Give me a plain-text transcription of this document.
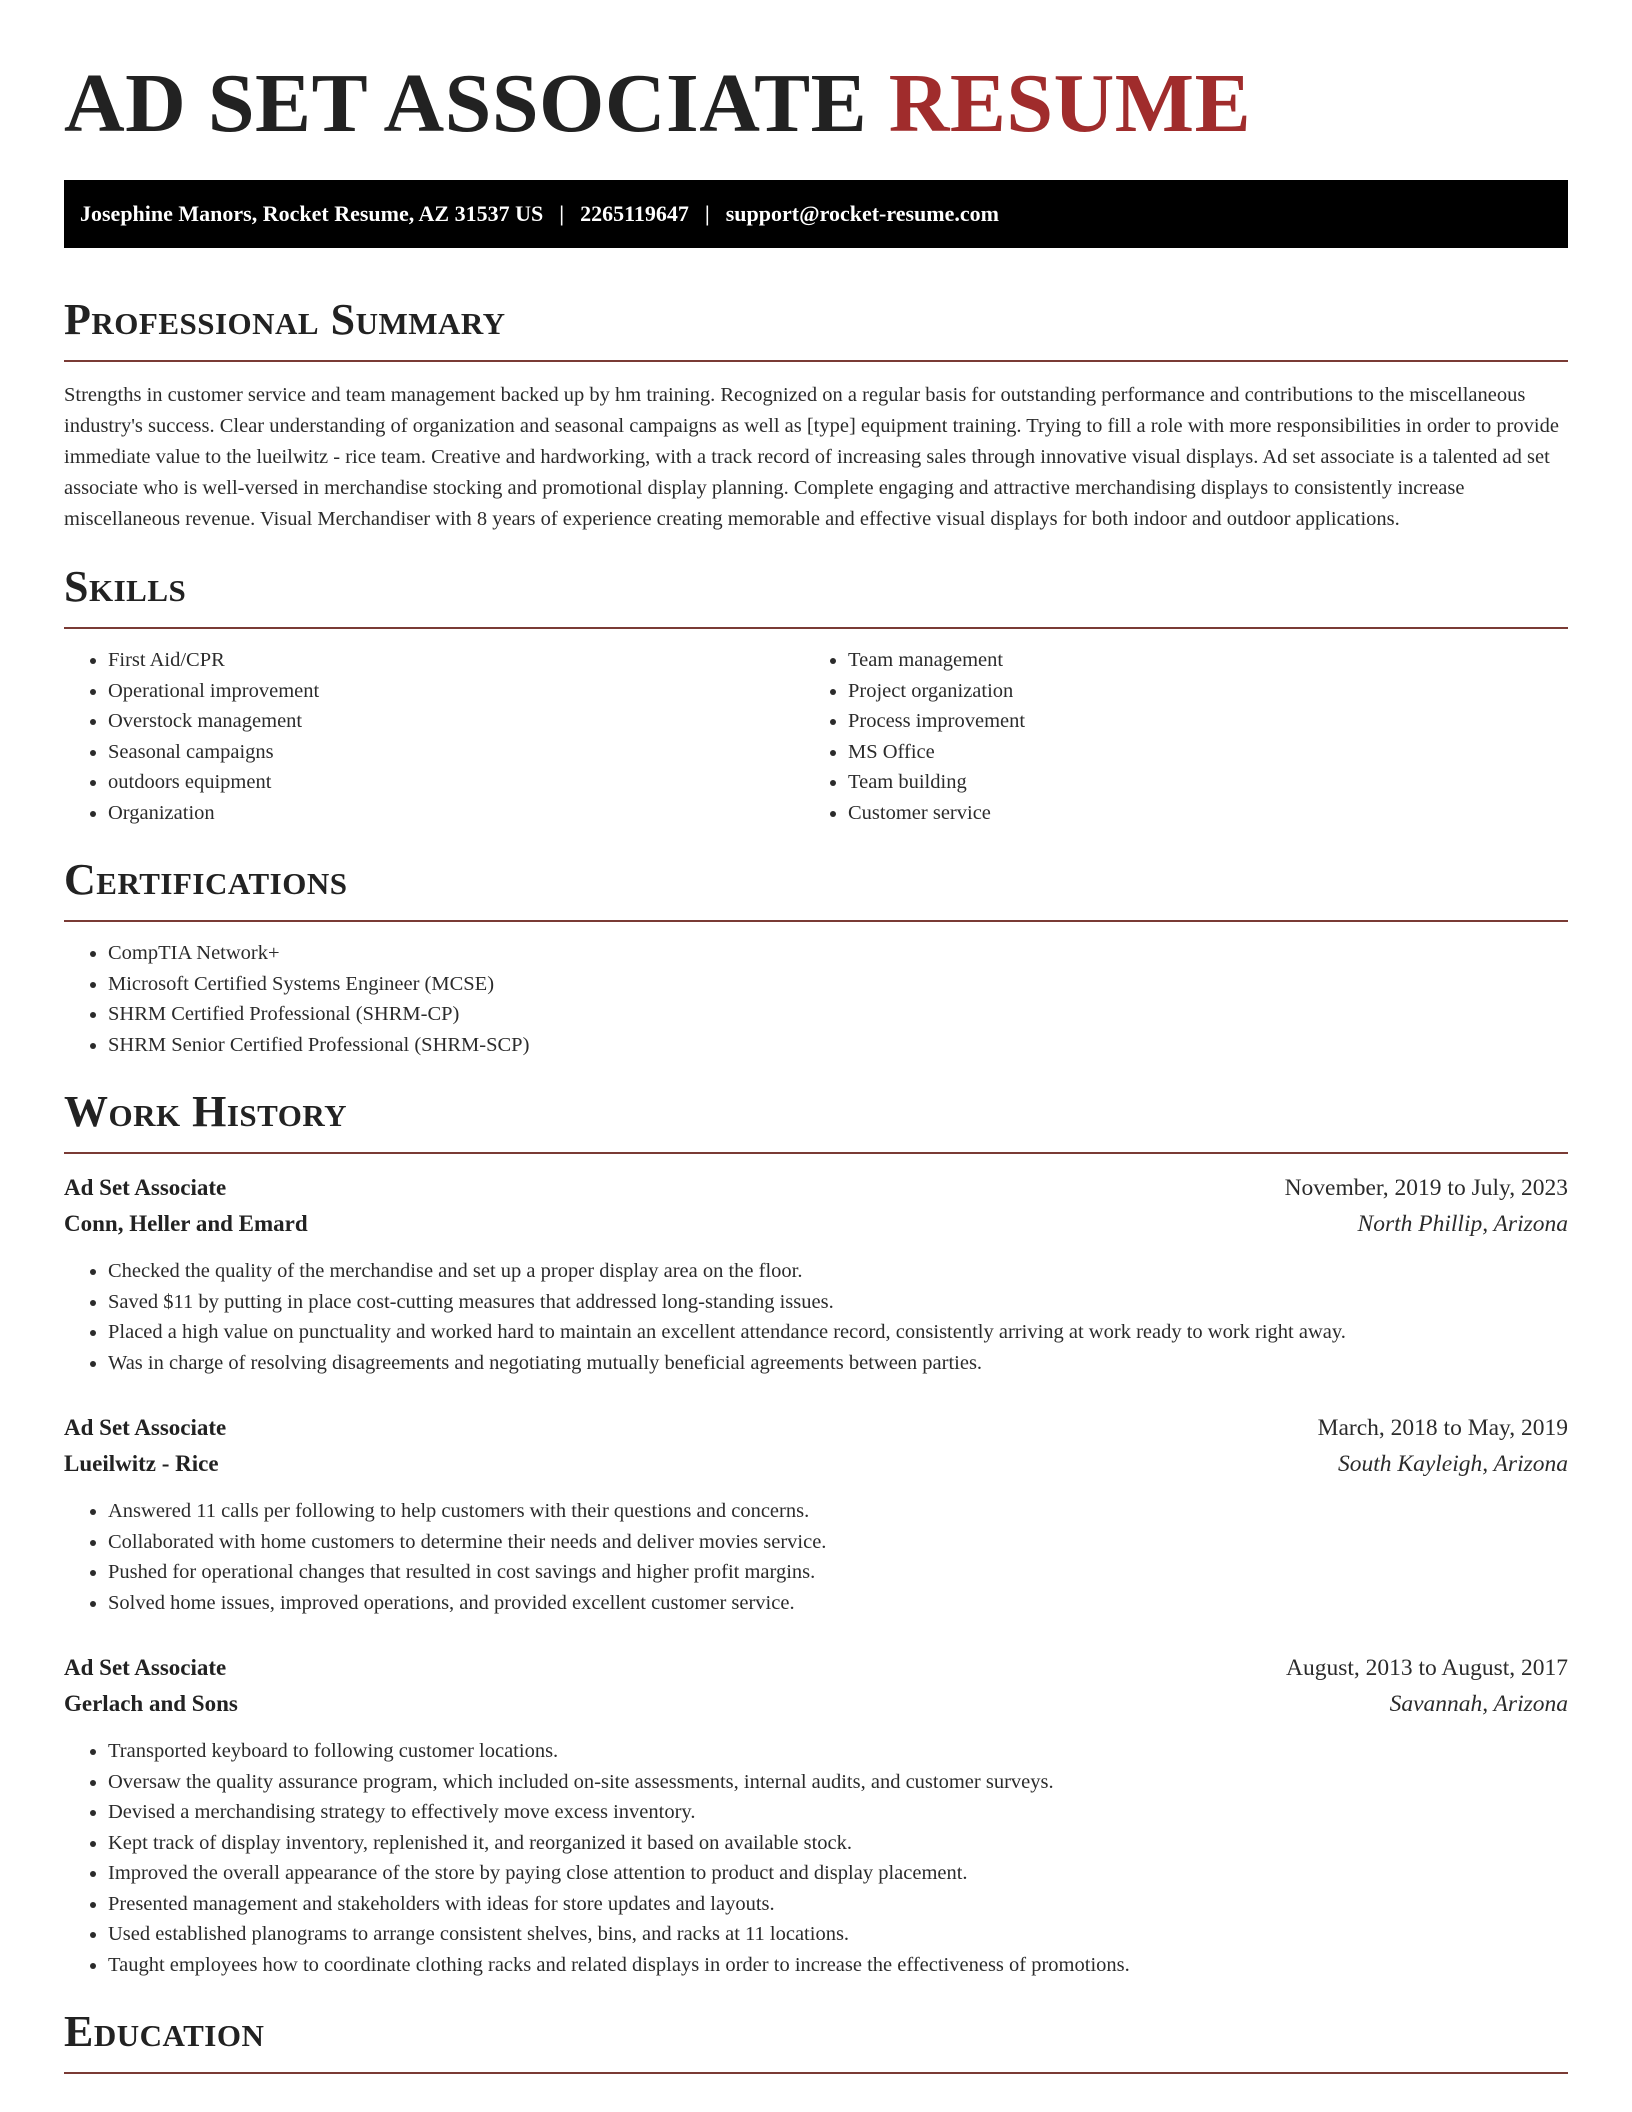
AD SET ASSOCIATE RESUME
Josephine Manors, Rocket Resume, AZ 31537 US | 2265119647 | support@rocket-resume.com
Professional Summary

Strengths in customer service and team management backed up by hm training. Recognized on a regular basis for outstanding performance and contributions to the miscellaneous industry's success. Clear understanding of organization and seasonal campaigns as well as [type] equipment training. Trying to fill a role with more responsibilities in order to provide immediate value to the lueilwitz - rice team. Creative and hardworking, with a track record of increasing sales through innovative visual displays. Ad set associate is a talented ad set associate who is well-versed in merchandise stocking and promotional display planning. Complete engaging and attractive merchandising displays to consistently increase miscellaneous revenue. Visual Merchandiser with 8 years of experience creating memorable and effective visual displays for both indoor and outdoor applications.

Skills
• First Aid/CPR
• Operational improvement
• Overstock management
• Seasonal campaigns
• outdoors equipment
• Organization
• Team management
• Project organization
• Process improvement
• MS Office
• Team building
• Customer service
Certifications
• CompTIA Network+
• Microsoft Certified Systems Engineer (MCSE)
• SHRM Certified Professional (SHRM-CP)
• SHRM Senior Certified Professional (SHRM-SCP)
Work History
Ad Set Associate	November, 2019 to July, 2023
Conn, Heller and Emard	North Phillip, Arizona
• Checked the quality of the merchandise and set up a proper display area on the floor.
• Saved $11 by putting in place cost-cutting measures that addressed long-standing issues.
• Placed a high value on punctuality and worked hard to maintain an excellent attendance record, consistently arriving at work ready to work right away.
• Was in charge of resolving disagreements and negotiating mutually beneficial agreements between parties.
Ad Set Associate	March, 2018 to May, 2019
Lueilwitz - Rice	South Kayleigh, Arizona
• Answered 11 calls per following to help customers with their questions and concerns.
• Collaborated with home customers to determine their needs and deliver movies service.
• Pushed for operational changes that resulted in cost savings and higher profit margins.
• Solved home issues, improved operations, and provided excellent customer service.
Ad Set Associate	August, 2013 to August, 2017
Gerlach and Sons	Savannah, Arizona
• Transported keyboard to following customer locations.
• Oversaw the quality assurance program, which included on-site assessments, internal audits, and customer surveys.
• Devised a merchandising strategy to effectively move excess inventory.
• Kept track of display inventory, replenished it, and reorganized it based on available stock.
• Improved the overall appearance of the store by paying close attention to product and display placement.
• Presented management and stakeholders with ideas for store updates and layouts.
• Used established planograms to arrange consistent shelves, bins, and racks at 11 locations.
• Taught employees how to coordinate clothing racks and related displays in order to increase the effectiveness of promotions.
Education
